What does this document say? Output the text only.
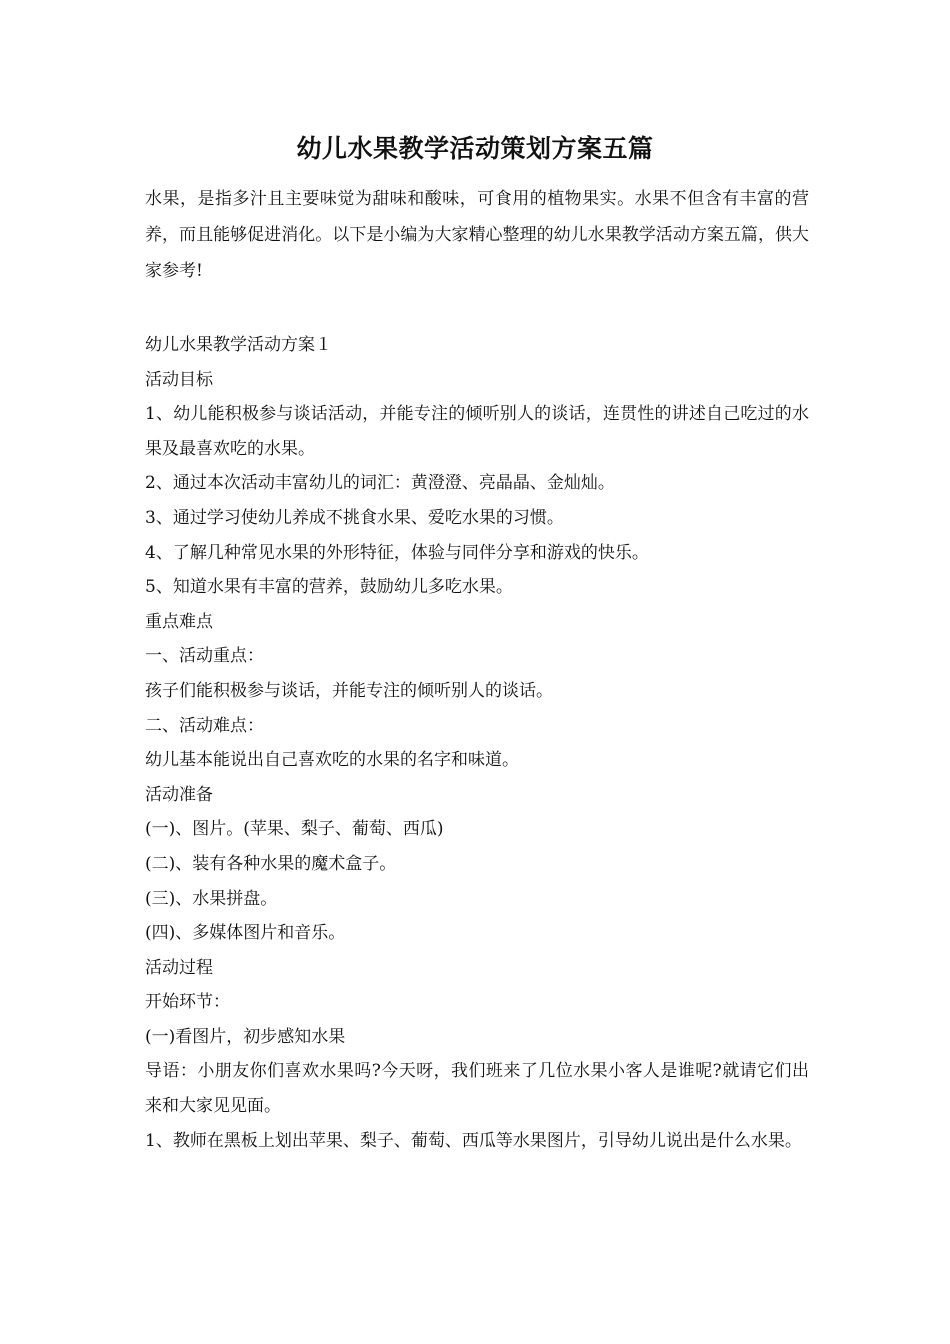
幼儿水果教学活动策划方案五篇

水果，是指多汁且主要味觉为甜味和酸味，可食用的植物果实。水果不但含有丰富的营养，而且能够促进消化。以下是小编为大家精心整理的幼儿水果教学活动方案五篇，供大家参考!

幼儿水果教学活动方案１

活动目标

1、幼儿能积极参与谈话活动，并能专注的倾听别人的谈话，连贯性的讲述自己吃过的水果及最喜欢吃的水果。

2、通过本次活动丰富幼儿的词汇：黄澄澄、亮晶晶、金灿灿。

3、通过学习使幼儿养成不挑食水果、爱吃水果的习惯。

4、了解几种常见水果的外形特征，体验与同伴分享和游戏的快乐。

5、知道水果有丰富的营养，鼓励幼儿多吃水果。

重点难点

一、活动重点：

孩子们能积极参与谈话，并能专注的倾听别人的谈话。

二、活动难点：

幼儿基本能说出自己喜欢吃的水果的名字和味道。

活动准备

(一)、图片。(苹果、梨子、葡萄、西瓜)

(二)、装有各种水果的魔术盒子。

(三)、水果拼盘。

(四)、多媒体图片和音乐。

活动过程

开始环节：

(一)看图片，初步感知水果

导语：小朋友你们喜欢水果吗?今天呀，我们班来了几位水果小客人是谁呢?就请它们出来和大家见见面。

1、教师在黑板上划出苹果、梨子、葡萄、西瓜等水果图片，引导幼儿说出是什么水果。
